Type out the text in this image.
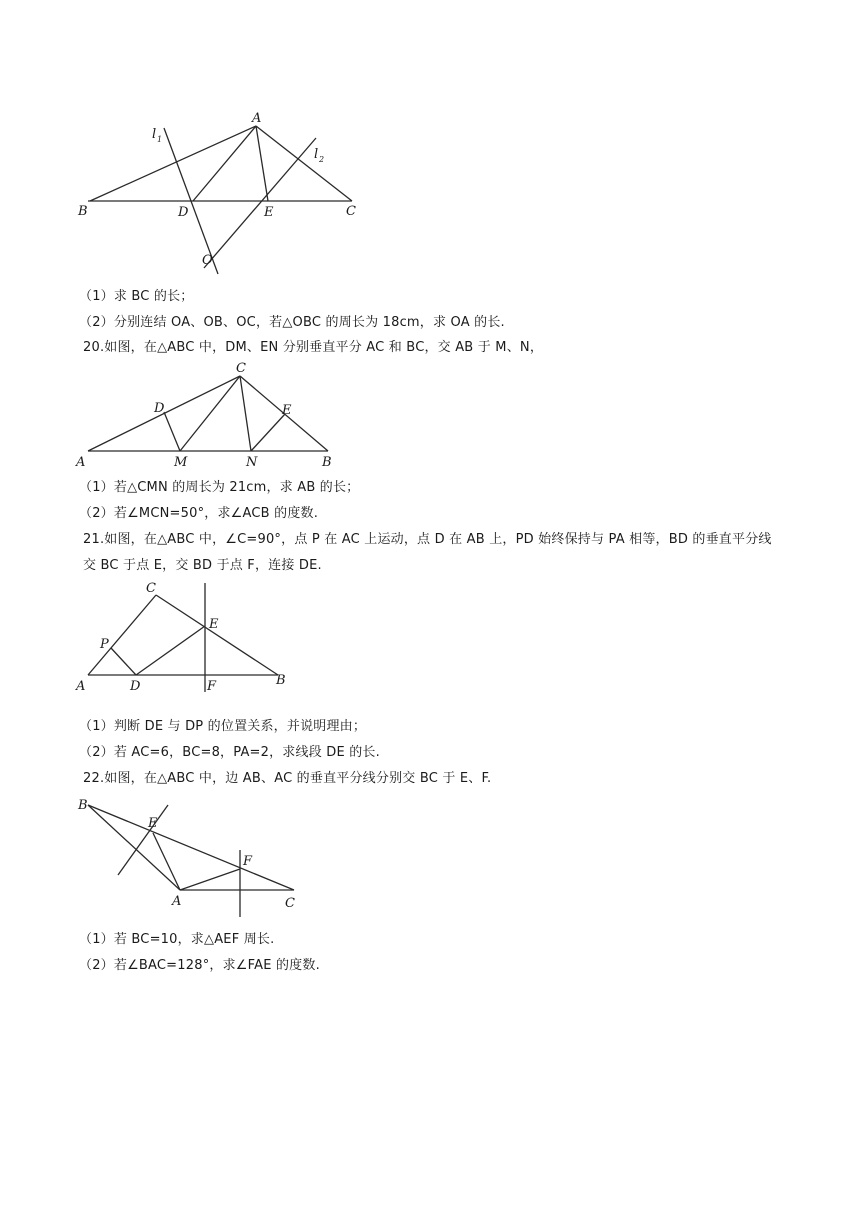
A
B	C
D	E
O
l 1
l 2
（1）求 BC 的长；
（2）分别连结 OA、OB、OC，若△OBC 的周长为 18cm，求 OA 的长.
20.如图，在△ABC 中，DM、EN 分别垂直平分 AC 和 BC，交 AB 于 M、N，
C
D	E
A	M	N	B
（1）若△CMN 的周长为 21cm，求 AB 的长；
（2）若∠MCN=50°，求∠ACB 的度数.
21.如图，在△ABC 中，∠C=90°，点 P 在 AC 上运动，点 D 在 AB 上，PD 始终保持与 PA 相等，BD 的垂直平分线交 BC 于点 E，交 BD 于点 F，连接 DE.
C
P
E
A	D	F	B
（1）判断 DE 与 DP 的位置关系，并说明理由；
（2）若 AC=6，BC=8，PA=2，求线段 DE 的长.
22.如图，在△ABC 中，边 AB、AC 的垂直平分线分别交 BC 于 E、F.
B
E
F
A	C
（1）若 BC=10，求△AEF 周长.
（2）若∠BAC=128°，求∠FAE 的度数.
